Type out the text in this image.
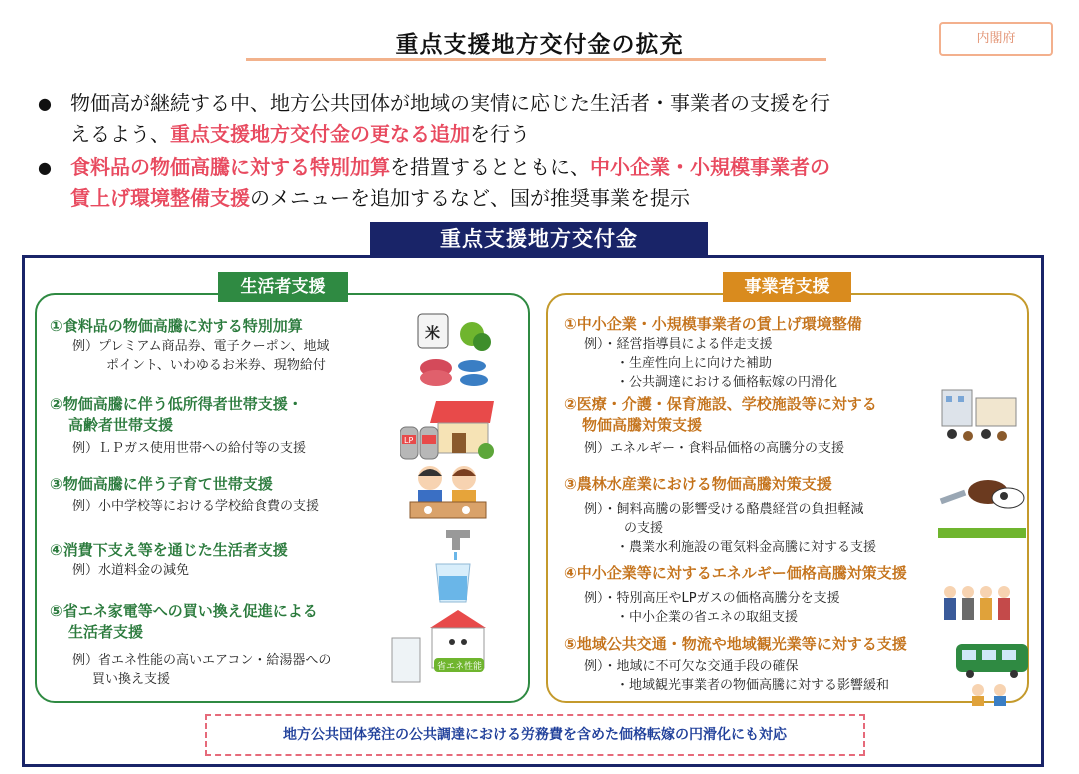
重点支援地方交付金の拡充	内閣府
● 物価高が継続する中、地方公共団体が地域の実情に応じた生活者・事業者の支援を行
えるよう、重点支援地方交付金の更なる追加を行う
● 食料品の物価高騰に対する特別加算を措置するとともに、中小企業・小規模事業者の
賃上げ環境整備支援のメニューを追加するなど、国が推奨事業を提示
重点支援地方交付金
生活者支援	事業者支援
①食料品の物価高騰に対する特別加算
例）プレミアム商品券、電子クーポン、地域
ポイント、いわゆるお米券、現物給付
②物価高騰に伴う低所得者世帯支援・
高齢者世帯支援
例）ＬＰガス使用世帯への給付等の支援
③物価高騰に伴う子育て世帯支援
例）小中学校等における学校給食費の支援
④消費下支え等を通じた生活者支援
例）水道料金の減免
⑤省エネ家電等への買い換え促進による
生活者支援
例）省エネ性能の高いエアコン・給湯器への
買い換え支援
米
LP
省エネ性能
①中小企業・小規模事業者の賃上げ環境整備
例）・経営指導員による伴走支援
・生産性向上に向けた補助
・公共調達における価格転嫁の円滑化
②医療・介護・保育施設、学校施設等に対する
物価高騰対策支援
例）エネルギー・食料品価格の高騰分の支援
③農林水産業における物価高騰対策支援
例）・飼料高騰の影響受ける酪農経営の負担軽減
の支援
・農業水利施設の電気料金高騰に対する支援
④中小企業等に対するエネルギー価格高騰対策支援
例）・特別高圧やLPガスの価格高騰分を支援
・中小企業の省エネの取組支援
⑤地域公共交通・物流や地域観光業等に対する支援
例）・地域に不可欠な交通手段の確保
・地域観光事業者の物価高騰に対する影響緩和
地方公共団体発注の公共調達における労務費を含めた価格転嫁の円滑化にも対応
